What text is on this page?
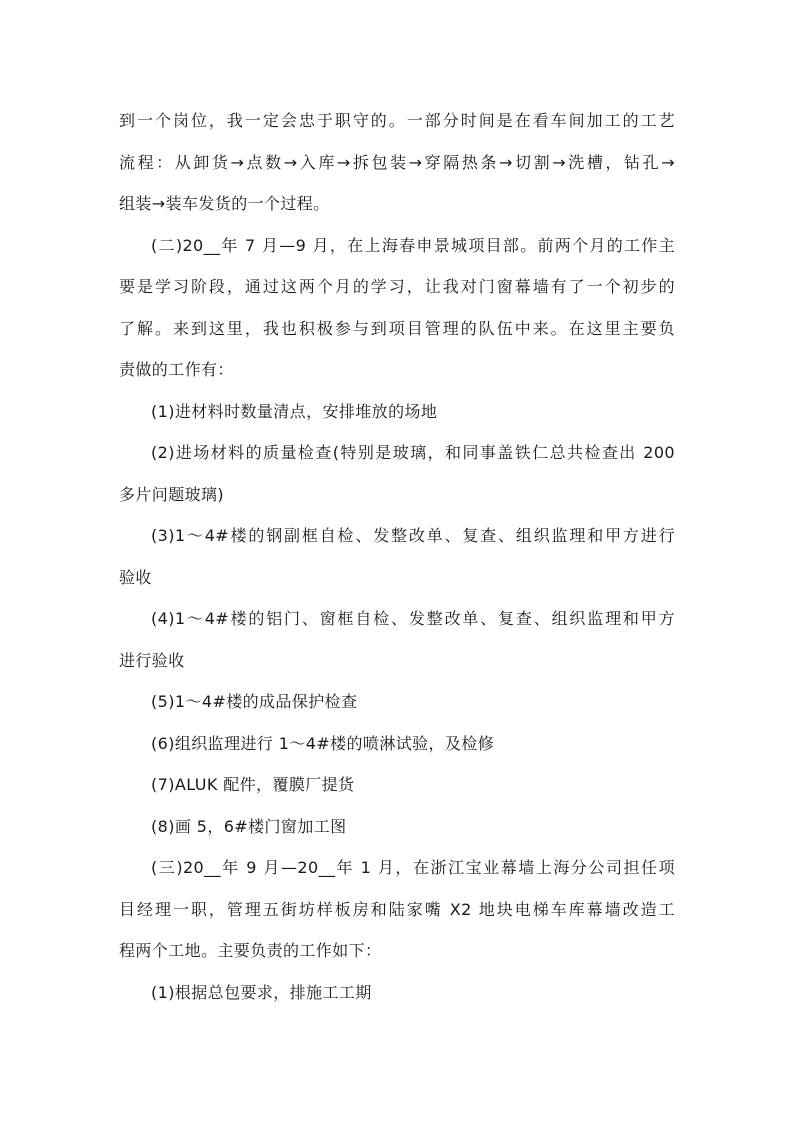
到一个岗位，我一定会忠于职守的。一部分时间是在看车间加工的工艺
流程：从卸货→点数→入库→拆包装→穿隔热条→切割→洗槽，钻孔→
组装→装车发货的一个过程。
(二)20__年 7 月—9 月，在上海春申景城项目部。前两个月的工作主
要是学习阶段，通过这两个月的学习，让我对门窗幕墙有了一个初步的
了解。来到这里，我也积极参与到项目管理的队伍中来。在这里主要负
责做的工作有：
(1)进材料时数量清点，安排堆放的场地
(2)进场材料的质量检查(特别是玻璃，和同事盖铁仁总共检查出 200
多片问题玻璃)
(3)1～4#楼的钢副框自检、发整改单、复查、组织监理和甲方进行
验收
(4)1～4#楼的铝门、窗框自检、发整改单、复查、组织监理和甲方
进行验收
(5)1～4#楼的成品保护检查
(6)组织监理进行 1～4#楼的喷淋试验，及检修
(7)ALUK 配件，覆膜厂提货
(8)画 5，6#楼门窗加工图
(三)20__年 9 月—20__年 1 月，在浙江宝业幕墙上海分公司担任项
目经理一职，管理五街坊样板房和陆家嘴 X2 地块电梯车库幕墙改造工
程两个工地。主要负责的工作如下：
(1)根据总包要求，排施工工期
